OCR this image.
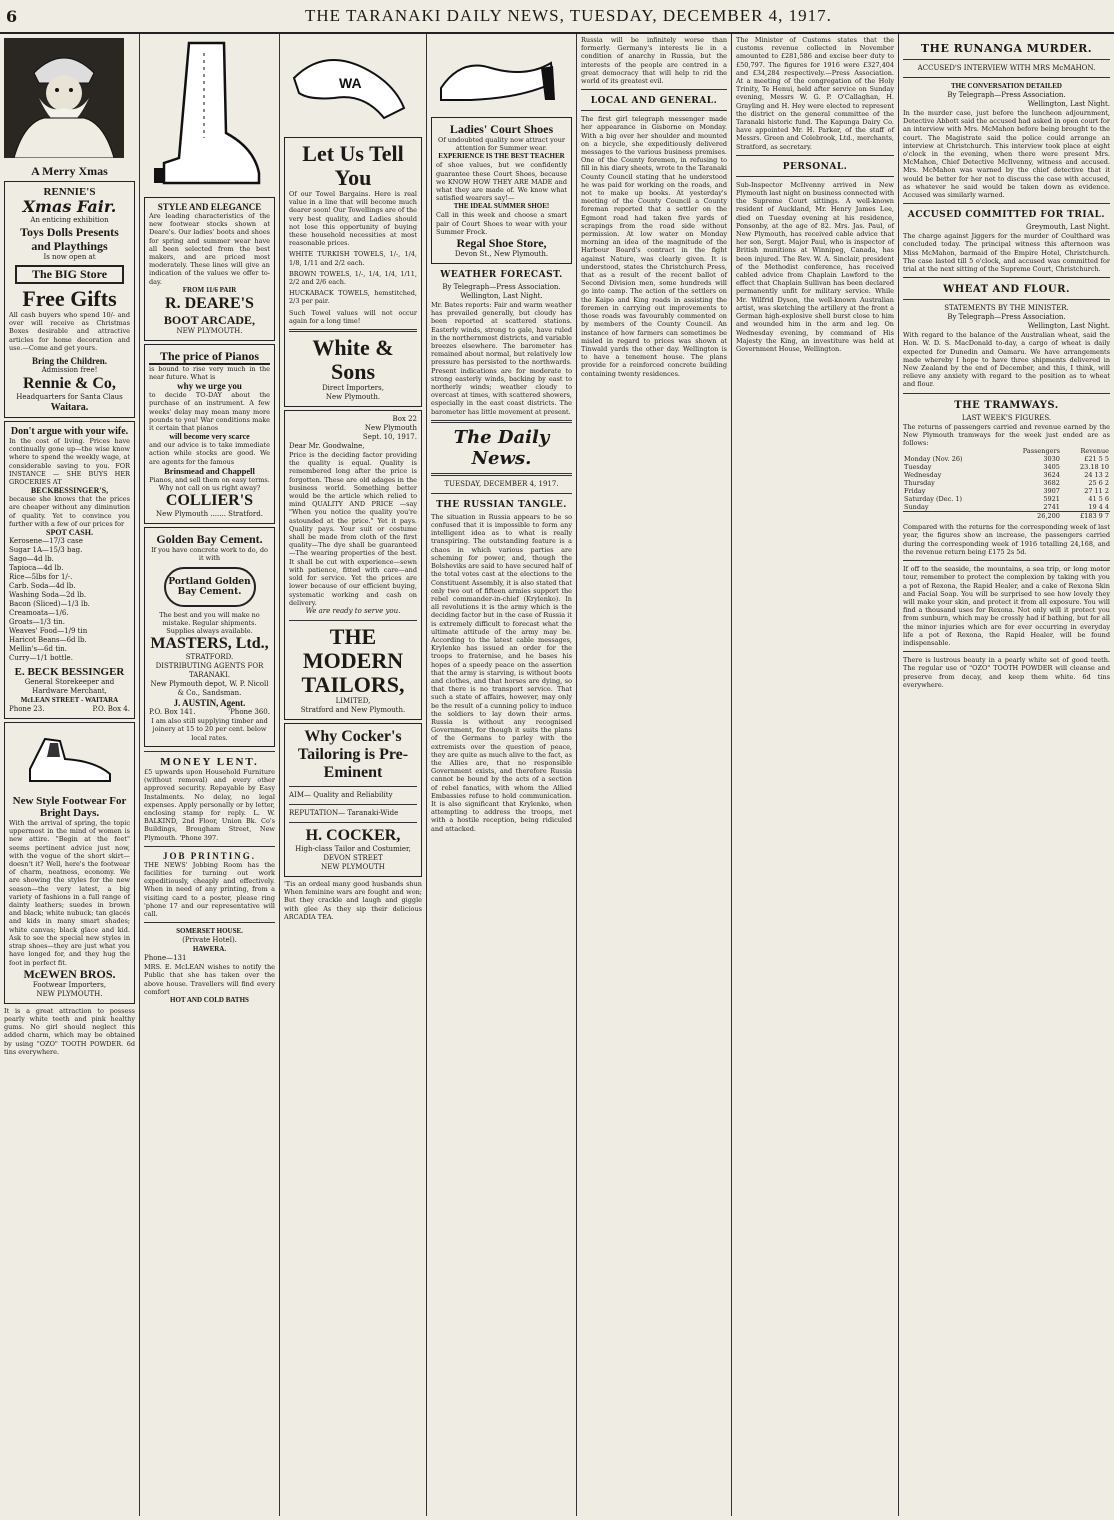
6	THE TARANAKI DAILY NEWS, TUESDAY, DECEMBER 4, 1917.
A Merry Xmas
RENNIE'S
Xmas Fair.
An enticing exhibition
Toys Dolls Presents and Playthings
Is now open at
The BIG Store
Free Gifts
All cash buyers who spend 10/- and over will receive as Christmas Boxes desirable and attractive articles for home decoration and use.—Come and get yours.
Bring the Children.
Admission free!
Rennie & Co,
Headquarters for Santa Claus
Waitara.
Don't argue with your wife.
In the cost of living. Prices have continually gone up—the wise know where to spend the weekly wage, at considerable saving to you. FOR INSTANCE — SHE BUYS HER GROCERIES AT
BECKBESSINGER'S,
because she knows that the prices are cheaper without any diminution of quality. Yet to convince you further with a few of our prices for
SPOT CASH.
Kerosene—17/3 case
Sugar 1A—15/3 bag.
Sago—4d lb.
Tapioca—4d lb.
Rice—5lbs for 1/-.
Carb. Soda—4d lb.
Washing Soda—2d lb.
Bacon (Sliced)—1/3 lb.
Creamoata—1/6.
Groats—1/3 tin.
Weaves' Food—1/9 tin
Haricot Beans—6d lb.
Mellin's—6d tin.
Curry—1/1 bottle.
E. BECK BESSINGER
General Storekeeper and Hardware Merchant,
McLEAN STREET - WAITARA
Phone 23.	P.O. Box 4.
New Style Footwear For Bright Days.
With the arrival of spring, the topic uppermost in the mind of women is new attire. "Begin at the feet" seems pertinent advice just now, with the vogue of the short skirt—doesn't it? Well, here's the footwear of charm, neatness, economy. We are showing the styles for the new season—the very latest, a big variety of fashions in a full range of dainty leathers; suedes in brown and black; white nubuck; tan glacés and kids in many smart shades; white canvas; black glace and kid. Ask to see the special new styles in strap shoes—they are just what you have longed for, and they hug the foot in perfect fit.
McEWEN BROS.
Footwear Importers,
NEW PLYMOUTH.
It is a great attraction to possess pearly white teeth and pink healthy gums. No girl should neglect this added charm, which may be obtained by using "OZO" TOOTH POWDER. 6d tins everywhere.
STYLE AND ELEGANCE
Are leading characteristics of the new footwear stocks shown at Deare's. Our ladies' boots and shoes for spring and summer wear have all been selected from the best makers, and are priced most moderately. These lines will give an indication of the values we offer to-day.
FROM 11/6 PAIR
R. DEARE'S
BOOT ARCADE,
NEW PLYMOUTH.
The price of Pianos
is bound to rise very much in the near future. What is
why we urge you
to decide TO-DAY about the purchase of an instrument. A few weeks' delay may mean many more pounds to you! War conditions make it certain that pianos
will become very scarce
and our advice is to take immediate action while stocks are good. We are agents for the famous
Brinsmead and Chappell
Pianos, and sell them on easy terms.
Why not call on us right away?
COLLIER'S
New Plymouth ....... Stratford.
Golden Bay Cement.
If you have concrete work to do, do it with
Portland Golden Bay Cement.
The best and you will make no mistake. Regular shipments. Supplies always available.
MASTERS, Ltd.,
STRATFORD.
DISTRIBUTING AGENTS FOR TARANAKI.
New Plymouth depot, W. P. Nicoll & Co., Sandsman.
J. AUSTIN, Agent.
P.O. Box 141.	'Phone 360.
I am also still supplying timber and joinery at 15 to 20 per cent. below local rates.
MONEY LENT.
£5 upwards upon Household Furniture (without removal) and every other approved security. Repayable by Easy Instalments. No delay, no legal expenses. Apply personally or by letter, enclosing stamp for reply. L. W. BALKIND, 2nd Floor, Union Bk. Co's Buildings, Brougham Street, New Plymouth. 'Phone 397.
JOB PRINTING.
THE NEWS' Jobbing Room has the facilities for turning out work expeditiously, cheaply and effectively. When in need of any printing, from a visiting card to a poster, please ring 'phone 17 and our representative will call.
SOMERSET HOUSE.
(Private Hotel).
HAWERA.
Phone—131
MRS. E. McLEAN wishes to notify the Public that she has taken over the above house. Travellers will find every comfort
HOT AND COLD BATHS
WA
Let Us Tell You
Of our Towel Bargains. Here is real value in a line that will become much dearer soon! Our Towellings are of the very best quality, and Ladies should not lose this opportunity of buying these household necessities at most reasonable prices.
WHITE TURKISH TOWELS, 1/-, 1/4, 1/8, 1/11 and 2/2 each.
BROWN TOWELS, 1/-, 1/4, 1/4, 1/11, 2/2 and 2/6 each.
HUCKABACK TOWELS, hemstitched, 2/3 per pair.
Such Towel values will not occur again for a long time!
White & Sons
Direct Importers,
New Plymouth.
Box 22
New Plymouth
Sept. 10, 1917.
Dear Mr. Goodwalne,
Price is the deciding factor providing the quality is equal. Quality is remembered long after the price is forgotten. These are old adages in the business world. Something better would be the article which relied to mind QUALITY AND PRICE —say "When you notice the quality you're astounded at the price." Yet it pays. Quality pays. Your suit or costume shall be made from cloth of the first quality—The dye shall be guaranteed—The wearing properties of the best. It shall be cut with experience—sewn with patience, fitted with care—and sold for service. Yet the prices are lower because of our efficient buying, systematic working and cash on delivery.
We are ready to serve you.
THE MODERN TAILORS,
LIMITED,
Stratford and New Plymouth.
Why Cocker's Tailoring is Pre-Eminent
AIM— Quality and Reliability
REPUTATION— Taranaki-Wide
H. COCKER,
High-class Tailor and Costumier,
DEVON STREET
NEW PLYMOUTH
'Tis an ordeal many good husbands shun When feminine wars are fought and won; But they crackle and laugh and giggle with glee As they sip their delicious ARCADIA TEA.
Ladies' Court Shoes
Of undoubted quality now attract your attention for Summer wear.
EXPERIENCE IS THE BEST TEACHER
of shoe values, but we confidently guarantee these Court Shoes, because we KNOW HOW THEY ARE MADE and what they are made of. We know what satisfied wearers say!—
THE IDEAL SUMMER SHOE!
Call in this week and choose a smart pair of Court Shoes to wear with your Summer Frock.
Regal Shoe Store,
Devon St., New Plymouth.
WEATHER FORECAST.
By Telegraph—Press Association. Wellington, Last Night.
Mr. Bates reports: Fair and warm weather has prevailed generally, but cloudy has been reported at scattered stations. Easterly winds, strong to gale, have ruled in the northernmost districts, and variable breezes elsewhere. The barometer has remained about normal, but relatively low pressure has persisted to the northwards. Present indications are for moderate to strong easterly winds, backing by east to northerly winds; weather cloudy to overcast at times, with scattered showers, especially in the east coast districts. The barometer has little movement at present.
The Daily News.
TUESDAY, DECEMBER 4, 1917.
THE RUSSIAN TANGLE.
The situation in Russia appears to be so confused that it is impossible to form any intelligent idea as to what is really transpiring. The outstanding feature is a chaos in which various parties are scheming for power, and, though the Bolsheviks are said to have secured half of the total votes cast at the elections to the Constituent Assembly, it is also stated that only two out of fifteen armies support the rebel commander-in-chief (Krylenko). In all revolutions it is the army which is the deciding factor but in the case of Russia it is extremely difficult to forecast what the ultimate attitude of the army may be. According to the latest cable messages, Krylenko has issued an order for the troops to fraternise, and he bases his hopes of a speedy peace on the assertion that the army is starving, is without boots and clothes, and that horses are dying, so that there is no transport service. That such a state of affairs, however, may only be the result of a cunning policy to induce the soldiers to lay down their arms. Russia is without any recognised Government, for though it suits the plans of the Germans to parley with the extremists over the question of peace, they are quite as much alive to the fact, as the Allies are, that no responsible Government exists, and therefore Russia cannot be bound by the acts of a section of rebel fanatics, with whom the Allied Embassies refuse to hold communication. It is also significant that Krylenko, when attempting to address the troops, met with a hostile reception, being ridiculed and attacked.
Russia will be infinitely worse than formerly. Germany's interests lie in a condition of anarchy in Russia, but the interests of the people are centred in a great democracy that will help to rid the world of its greatest evil.
LOCAL AND GENERAL.
The first girl telegraph messenger made her appearance in Gisborne on Monday. With a big over her shoulder and mounted on a bicycle, she expeditiously delivered messages to the various business premises. One of the County foremen, in refusing to fill in his diary sheets, wrote to the Taranaki County Council stating that he understood he was paid for working on the roads, and not to make up books. At yesterday's meeting of the County Council a County foreman reported that a settler on the Egmont road had taken five yards of scrapings from the road side without permission. At low water on Monday morning an idea of the magnitude of the Harbour Board's contract in the fight against Nature, was clearly given. It is understood, states the Christchurch Press, that as a result of the recent ballot of Second Division men, some hundreds will go into camp. The action of the settlers on the Kaipo and King roads in assisting the foremen in carrying out improvements to those roads was favourably commented on by members of the County Council. An instance of how farmers can sometimes be misled in regard to prices was shown at Tinwald yards the other day. Wellington is to have a tenement house. The plans provide for a reinforced concrete building containing twenty residences.
The Minister of Customs states that the customs revenue collected in November amounted to £281,586 and excise beer duty to £50,797. The figures for 1916 were £327,404 and £34,284 respectively.—Press Association. At a meeting of the congregation of the Holy Trinity, Te Henui, held after service on Sunday evening, Messrs W. G. P. O'Callaghan, H. Grayling and H. Hey were elected to represent the district on the general committee of the Taranaki historic fund. The Kapunga Dairy Co. have appointed Mr. H. Parker, of the staff of Messrs. Green and Colebrook, Ltd., merchants, Stratford, as secretary.
PERSONAL.
Sub-Inspector McIlvenny arrived in New Plymouth last night on business connected with the Supreme Court sittings. A well-known resident of Auckland, Mr. Henry James Lee, died on Tuesday evening at his residence, Ponsonby, at the age of 82. Mrs. Jas. Paul, of New Plymouth, has received cable advice that her son, Sergt. Major Paul, who is inspector of British munitions at Winnipeg, Canada, has been injured. The Rev. W. A. Sinclair, president of the Methodist conference, has received cabled advice from Chaplain Lawford to the effect that Chaplain Sullivan has been declared permanently unfit for military service. While Mr. Wilfrid Dyson, the well-known Australian artist, was sketching the artillery at the front a German high-explosive shell burst close to him and wounded him in the arm and leg. On Wednesday evening, by command of His Majesty the King, an investiture was held at Government House, Wellington.
THE RUNANGA MURDER.
ACCUSED'S INTERVIEW WITH MRS McMAHON.
THE CONVERSATION DETAILED
By Telegraph—Press Association.
Wellington, Last Night.
In the murder case, just before the luncheon adjournment, Detective Abbott said the accused had asked in open court for an interview with Mrs. McMahon before being brought to the court. The Magistrate said the police could arrange an interview at Christchurch. This interview took place at eight o'clock in the evening, when there were present Mrs. McMahon, Chief Detective McIlvenny, witness and accused. Mrs. McMahon was warned by the chief detective that it would be better for her not to discuss the case with accused, as whatever he said would be taken down as evidence. Accused was similarly warned.
ACCUSED COMMITTED FOR TRIAL.
Greymouth, Last Night.
The charge against Jiggers for the murder of Coulthard was concluded today. The principal witness this afternoon was Miss McMahon, barmaid of the Empire Hotel, Christchurch. The case lasted till 5 o'clock, and accused was committed for trial at the next sitting of the Supreme Court, Christchurch.
WHEAT AND FLOUR.
STATEMENTS BY THE MINISTER.
By Telegraph—Press Association.
Wellington, Last Night.
With regard to the balance of the Australian wheat, said the Hon. W. D. S. MacDonald to-day, a cargo of wheat is daily expected for Dunedin and Oamaru. We have arrangements made whereby I hope to have three shipments delivered in New Zealand by the end of December, and this, I think, will relieve any anxiety with regard to the position as to wheat and flour.
THE TRAMWAYS.
LAST WEEK'S FIGURES.
The returns of passengers carried and revenue earned by the New Plymouth tramways for the week just ended are as follows:
	Passengers	Revenue
Monday (Nov. 26)	3030	£21 5 5
Tuesday	3405	23.18 10
Wednesday	3624	24 13 2
Thursday	3682	25 6 2
Friday	3907	27 11 2
Saturday (Dec. 1)	5921	41 5 6
Sunday	2741	19 4 4
	26,200	£183 9 7
Compared with the returns for the corresponding week of last year, the figures show an increase, the passengers carried during the corresponding week of 1916 totalling 24,168, and the revenue return being £175 2s 5d.
If off to the seaside, the mountains, a sea trip, or long motor tour, remember to protect the complexion by taking with you a pot of Rexona, the Rapid Healer, and a cake of Rexona Skin and Facial Soap. You will be surprised to see how lovely they will make your skin, and protect it from all exposure. You will find a thousand uses for Rexona. Not only will it protect you from sunburn, which may be crossly had if bathing, but for all the minor injuries which are for ever occurring in everyday life a pot of Rexona, the Rapid Healer, will be found indispensable.
There is lustrous beauty in a pearly white set of good teeth. The regular use of "OZO" TOOTH POWDER will cleanse and preserve from decay, and keep them white. 6d tins everywhere.
